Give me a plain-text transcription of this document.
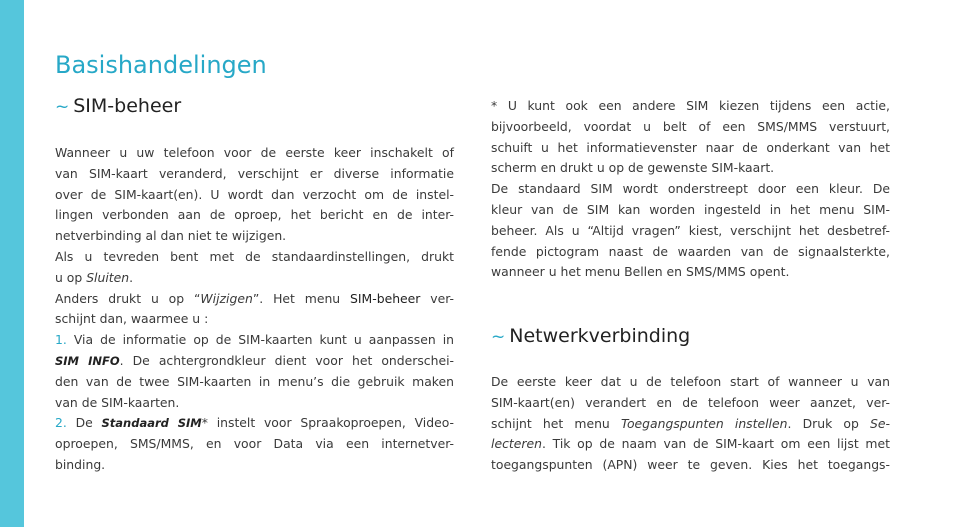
Basishandelingen
~ SIM-beheer

Wanneer u uw telefoon voor de eerste keer inschakelt of
van SIM-kaart veranderd, verschijnt er diverse informatie
over de SIM-kaart(en). U wordt dan verzocht om de instel-
lingen verbonden aan de oproep, het bericht en de inter-
netverbinding al dan niet te wijzigen.

Als u tevreden bent met de standaardinstellingen, drukt
u op Sluiten.

Anders drukt u op “Wijzigen”. Het menu SIM-beheer ver-
schijnt dan, waarmee u :

1. Via de informatie op de SIM-kaarten kunt u aanpassen in
SIM INFO. De achtergrondkleur dient voor het onderschei-
den van de twee SIM-kaarten in menu’s die gebruik maken
van de SIM-kaarten.

2. De Standaard SIM* instelt voor Spraakoproepen, Video-
oproepen, SMS/MMS, en voor Data via een internetver-
binding.

* U kunt ook een andere SIM kiezen tijdens een actie,
bijvoorbeeld, voordat u belt of een SMS/MMS verstuurt,
schuift u het informatievenster naar de onderkant van het
scherm en drukt u op de gewenste SIM-kaart.

De standaard SIM wordt onderstreept door een kleur. De
kleur van de SIM kan worden ingesteld in het menu SIM-
beheer. Als u “Altijd vragen” kiest, verschijnt het desbetref-
fende pictogram naast de waarden van de signaalsterkte,
wanneer u het menu Bellen en SMS/MMS opent.

~ Netwerkverbinding

De eerste keer dat u de telefoon start of wanneer u van
SIM-kaart(en) verandert en de telefoon weer aanzet, ver-
schijnt het menu Toegangspunten instellen. Druk op Se-
lecteren. Tik op de naam van de SIM-kaart om een lijst met
toegangspunten (APN) weer te geven. Kies het toegangs-
